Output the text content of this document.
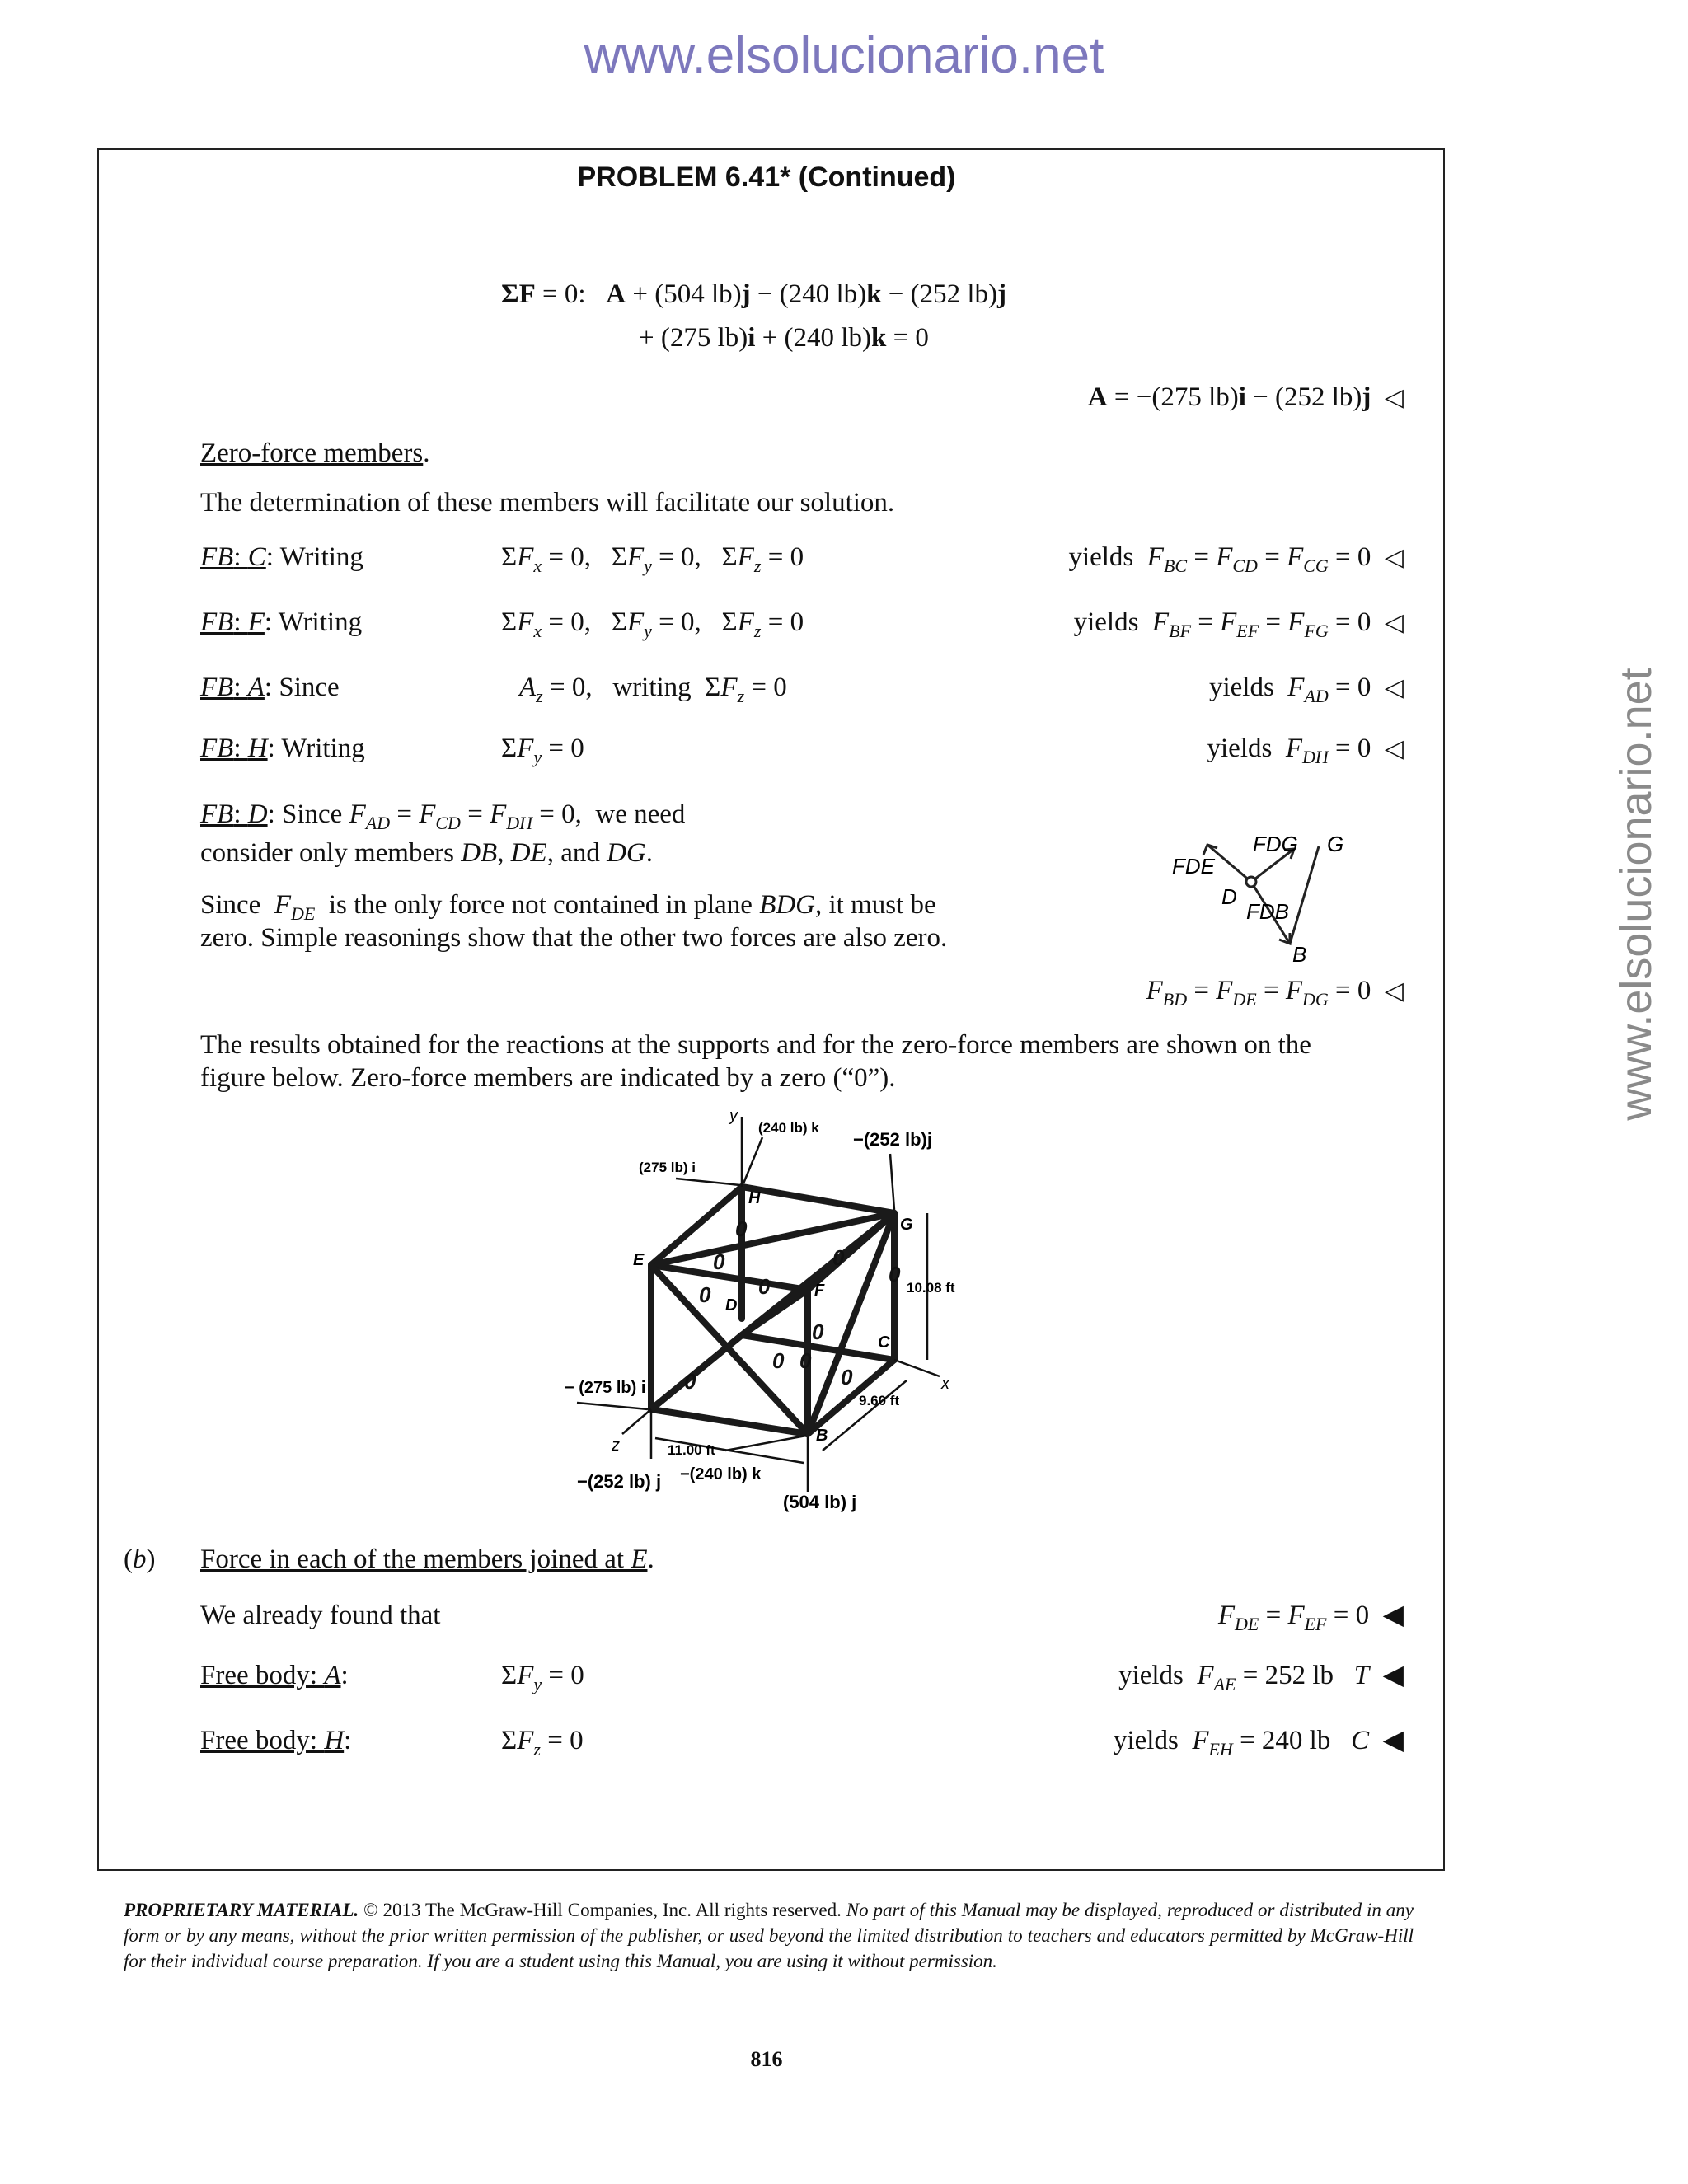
www.elsolucionario.net
www.elsolucionario.net
PROBLEM 6.41* (Continued)
ΣF = 0:   A + (504 lb)j − (240 lb)k − (252 lb)j
+ (275 lb)i + (240 lb)k = 0
A = −(275 lb)i − (252 lb)j ◁
Zero-force members.
The determination of these members will facilitate our solution.
FB: C: Writing	$\Sigma F_x = 0$,   $\Sigma F_y = 0$,   $\Sigma F_z = 0$	yields  $F_{BC} = F_{CD} = F_{CG} = 0$  ◁
FB: F: Writing	$\Sigma F_x = 0$,   $\Sigma F_y = 0$,   $\Sigma F_z = 0$	yields  $F_{BF} = F_{EF} = F_{FG} = 0$  ◁
FB: A: Since	$A_z = 0$,   writing  $\Sigma F_z = 0$	yields  $F_{AD} = 0$  ◁
FB: H: Writing	$\Sigma F_y = 0$	yields  $F_{DH} = 0$  ◁
FB: D: Since $F_{AD} = F_{CD} = F_{DH} = 0$,  we need
consider only members DB, DE, and DG.
Since  $F_{DE}$  is the only force not contained in plane BDG, it must be
zero. Simple reasonings show that the other two forces are also zero.
$F_{BD} = F_{DE} = F_{DG} = 0$  ◁
FDE
FDG
FDB
D
G
B
The results obtained for the reactions at the supports and for the zero-force members are shown on the
figure below. Zero-force members are indicated by a zero (“0”).
0
0
0 0
0
0
0
0 0
0	0
y
x
z
(275 lb) i
(240 lb) k
−(252 lb)j
H
G
E
D
F
C
B
10.08 ft
9.60 ft
11.00 ft
− (275 lb) i
−(252 lb) j −(240 lb) k
(504 lb) j
(b) Force in each of the members joined at E.
We already found that	$F_{DE} = F_{EF} = 0$  ◀
Free body: A:	$\Sigma F_y = 0$	yields  $F_{AE} = 252$ lb   T  ◀
Free body: H:	$\Sigma F_z = 0$	yields  $F_{EH} = 240$ lb   C  ◀
PROPRIETARY MATERIAL. © 2013 The McGraw-Hill Companies, Inc. All rights reserved. No part of this Manual may be displayed, reproduced or distributed in any form or by any means, without the prior written permission of the publisher, or used beyond the limited distribution to teachers and educators permitted by McGraw-Hill for their individual course preparation. If you are a student using this Manual, you are using it without permission.
816
